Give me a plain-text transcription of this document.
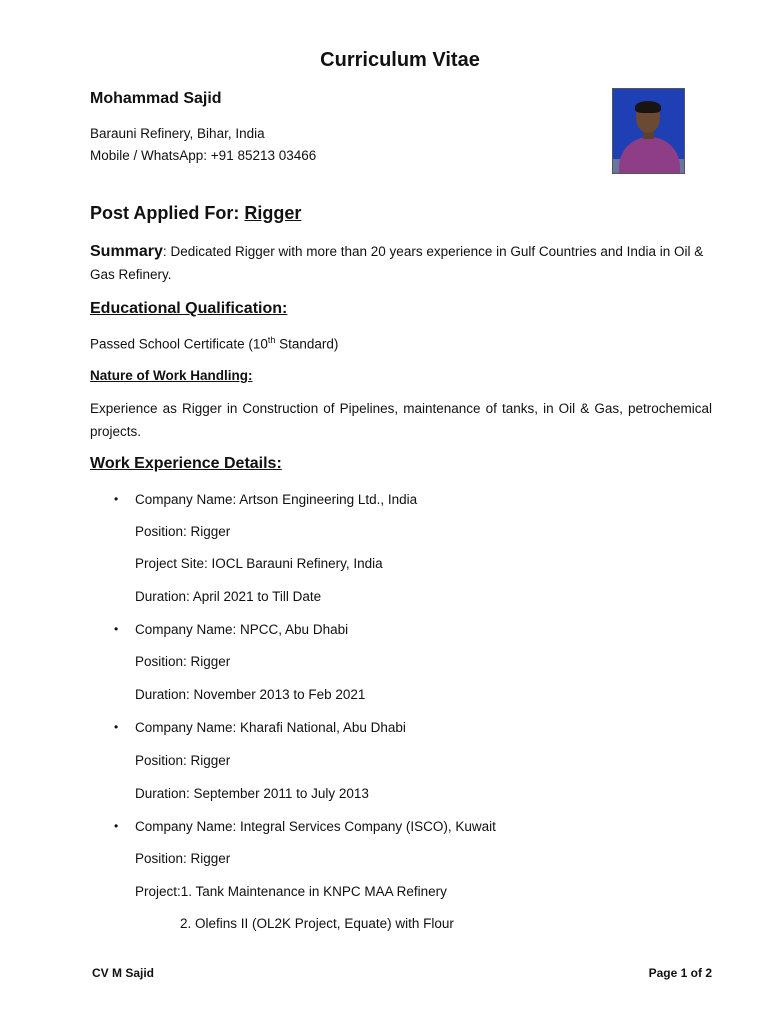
Curriculum Vitae
Mohammad Sajid
Barauni Refinery, Bihar, India
Mobile / WhatsApp: +91 85213 03466
Post Applied For: Rigger
Summary: Dedicated Rigger with more than 20 years experience in Gulf Countries and India in Oil & Gas Refinery.
Educational Qualification:
Passed School Certificate (10th Standard)
Nature of Work Handling:
Experience as Rigger in Construction of Pipelines, maintenance of tanks, in Oil & Gas, petrochemical projects.
Work Experience Details:
• Company Name: Artson Engineering Ltd., India
Position: Rigger
Project Site: IOCL Barauni Refinery, India
Duration: April 2021 to Till Date
• Company Name: NPCC, Abu Dhabi
Position: Rigger
Duration: November 2013 to Feb 2021
• Company Name: Kharafi National, Abu Dhabi
Position: Rigger
Duration: September 2011 to July 2013
• Company Name: Integral Services Company (ISCO), Kuwait
Position: Rigger
Project:1. Tank Maintenance in KNPC MAA Refinery
2. Olefins II (OL2K Project, Equate) with Flour
CV M Sajid	Page 1 of 2
